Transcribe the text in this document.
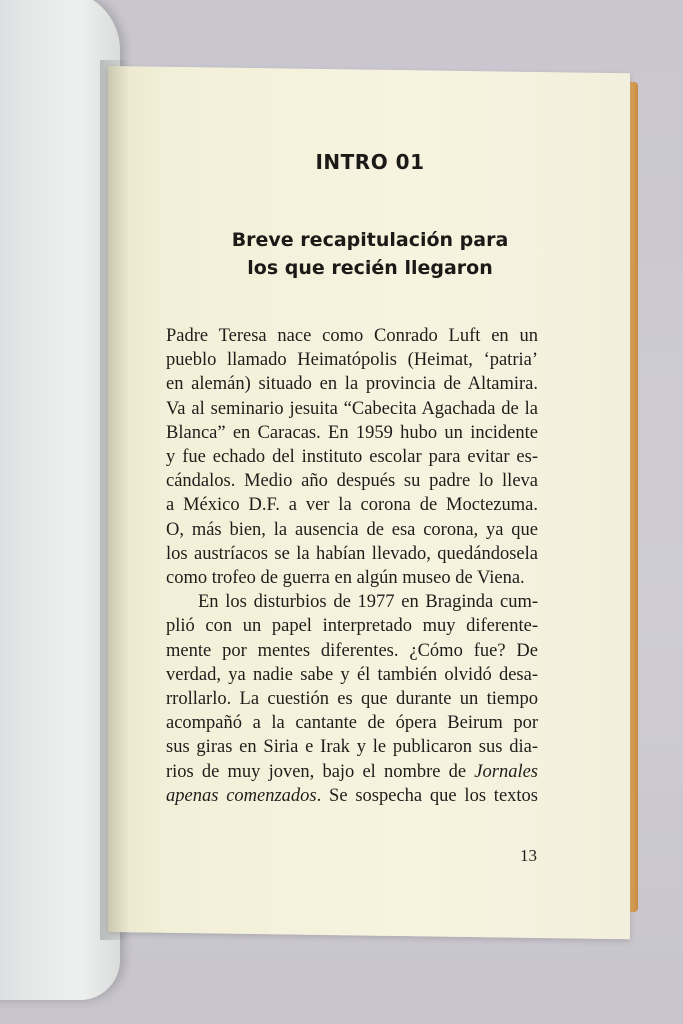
INTRO 01
Breve recapitulación para
los que recién llegaron
Padre Teresa nace como Conrado Luft en un
pueblo llamado Heimatópolis (Heimat, ‘patria’
en alemán) situado en la provincia de Altamira.
Va al seminario jesuita “Cabecita Agachada de la
Blanca” en Caracas. En 1959 hubo un incidente
y fue echado del instituto escolar para evitar es-
cándalos. Medio año después su padre lo lleva
a México D.F. a ver la corona de Moctezuma.
O, más bien, la ausencia de esa corona, ya que
los austríacos se la habían llevado, quedándosela
como trofeo de guerra en algún museo de Viena.
En los disturbios de 1977 en Braginda cum-
plió con un papel interpretado muy diferente-
mente por mentes diferentes. ¿Cómo fue? De
verdad, ya nadie sabe y él también olvidó desa-
rrollarlo. La cuestión es que durante un tiempo
acompañó a la cantante de ópera Beirum por
sus giras en Siria e Irak y le publicaron sus dia-
rios de muy joven, bajo el nombre de Jornales
apenas comenzados. Se sospecha que los textos
13
